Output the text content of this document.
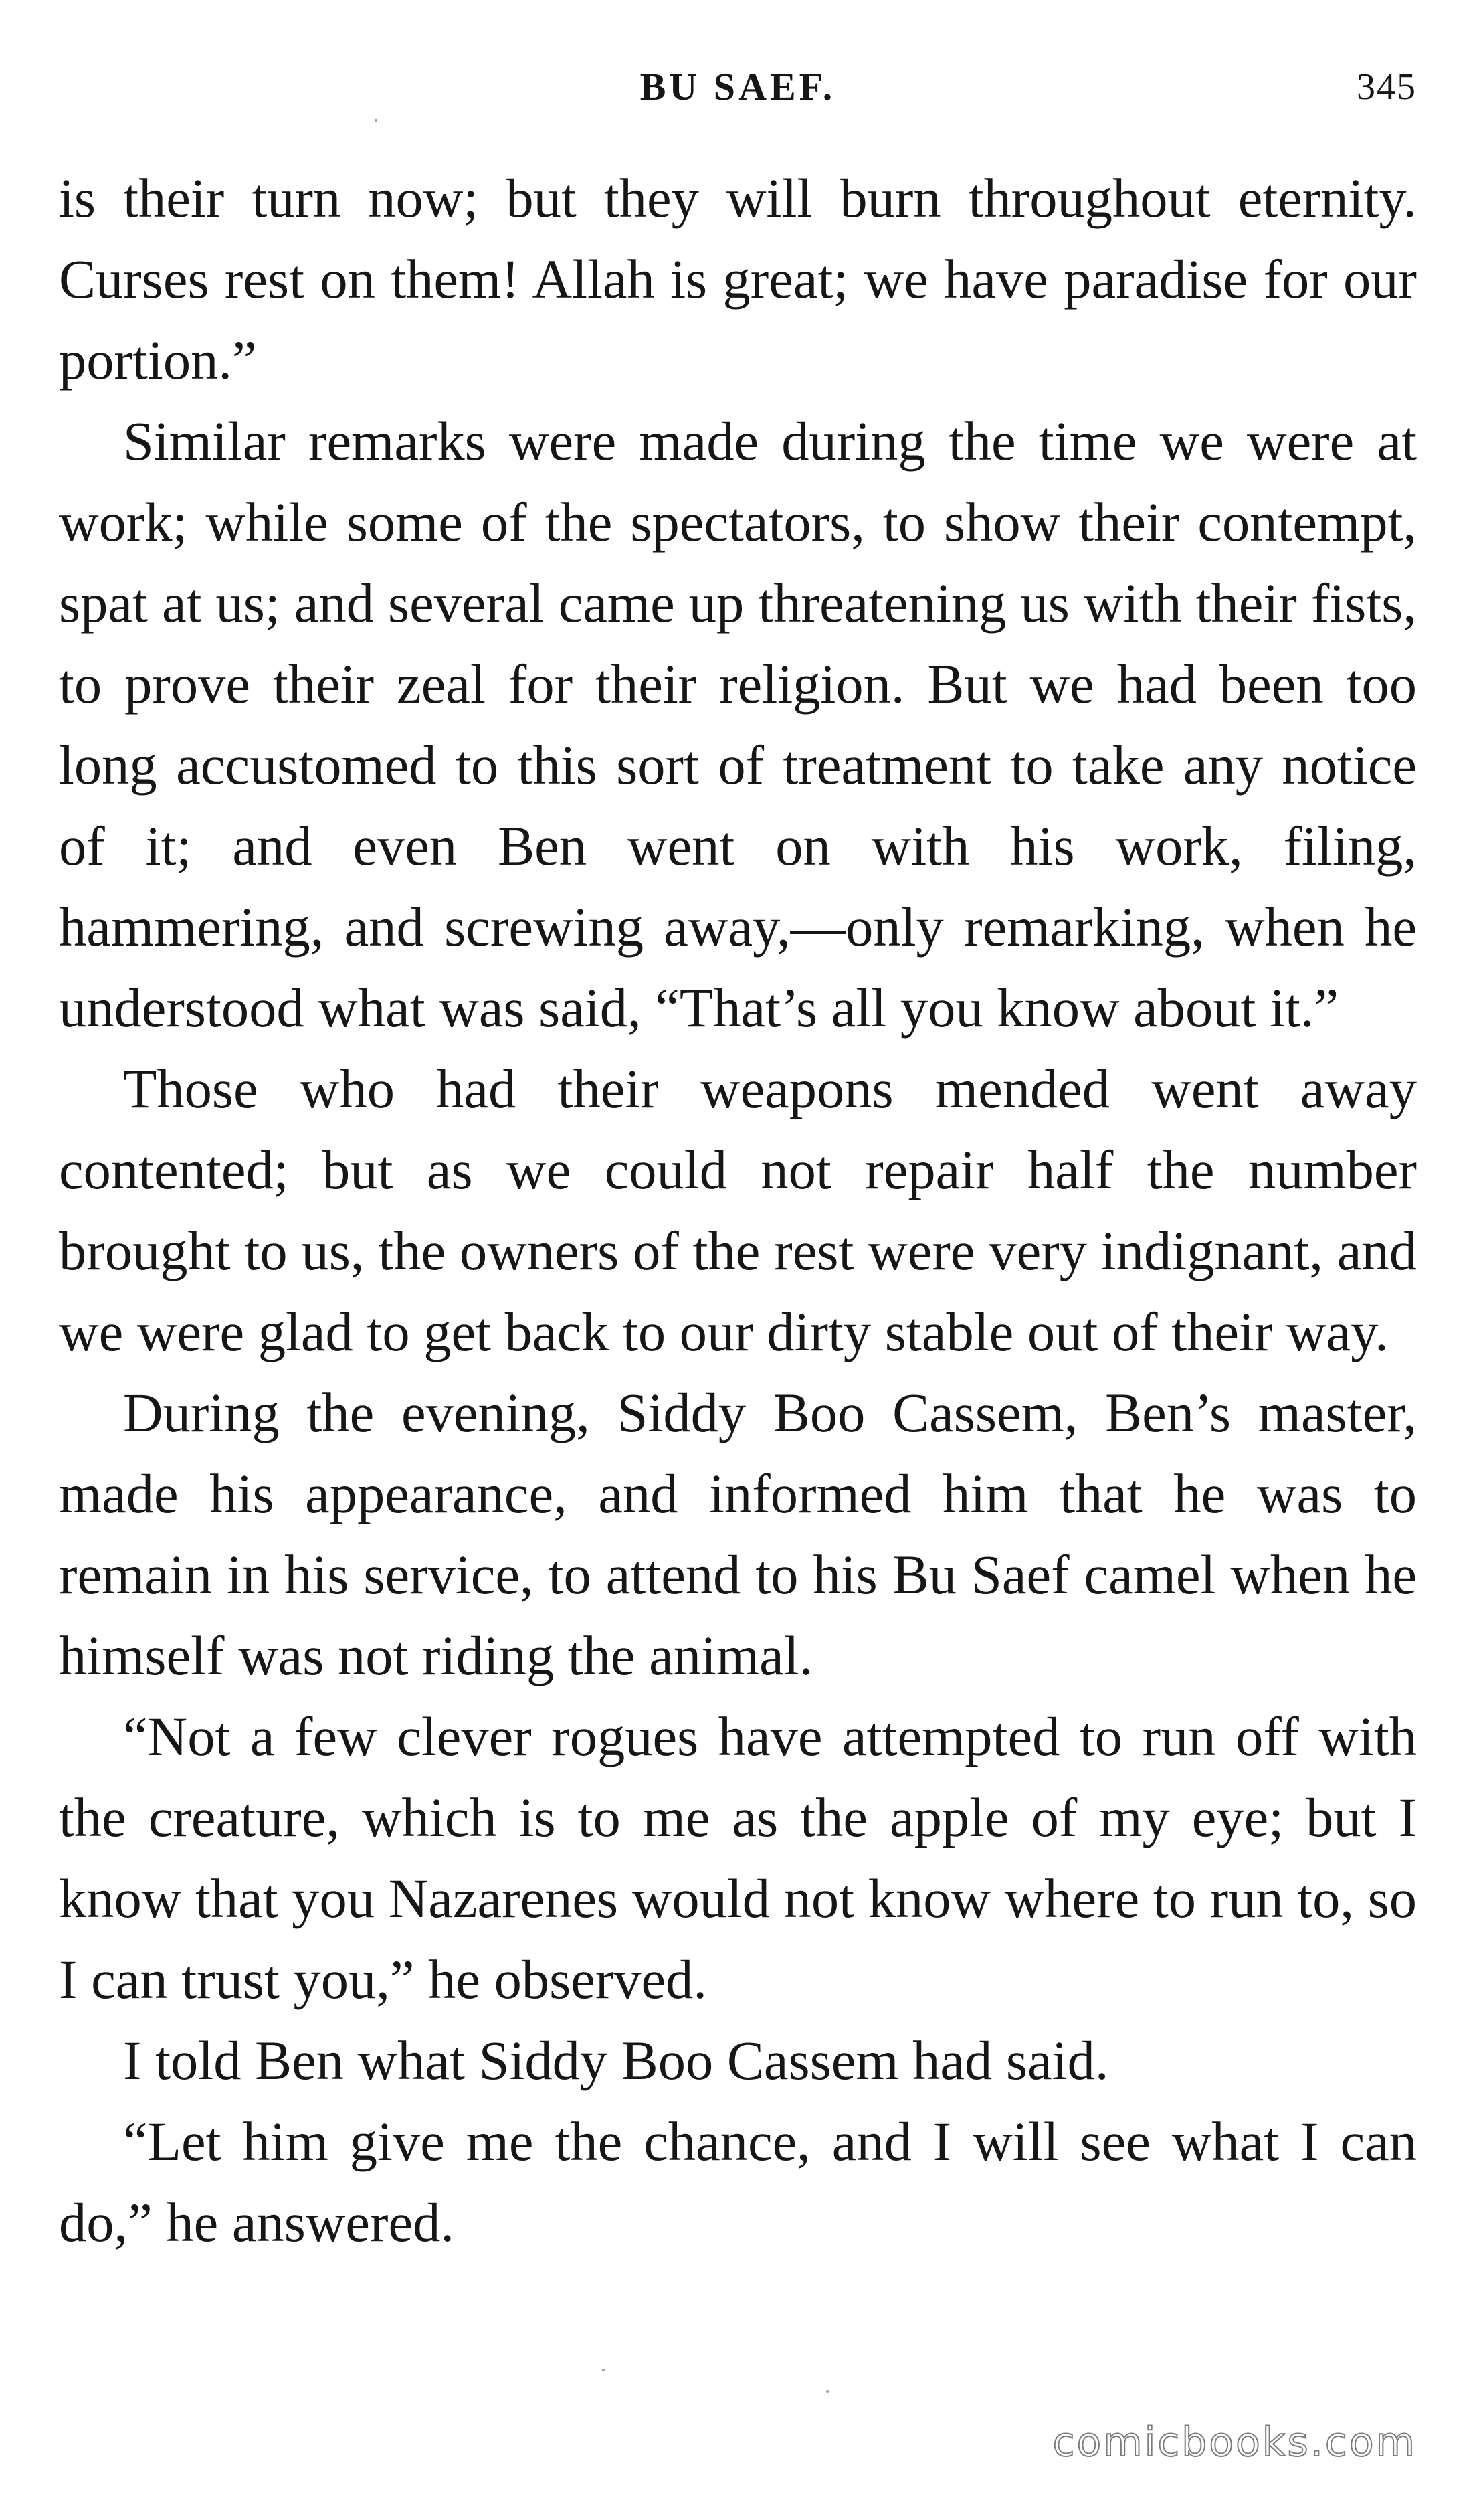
BU SAEF.	345

is their turn now; but they will burn throughout eternity. Curses rest on them! Allah is great; we have paradise for our portion.”

Similar remarks were made during the time we were at work; while some of the spectators, to show their contempt, spat at us; and several came up threatening us with their fists, to prove their zeal for their religion. But we had been too long accustomed to this sort of treatment to take any notice of it; and even Ben went on with his work, filing, hammering, and screwing away,—only remarking, when he understood what was said, “That’s all you know about it.”

Those who had their weapons mended went away contented; but as we could not repair half the number brought to us, the owners of the rest were very indignant, and we were glad to get back to our dirty stable out of their way.

During the evening, Siddy Boo Cassem, Ben’s master, made his appearance, and informed him that he was to remain in his service, to attend to his Bu Saef camel when he himself was not riding the animal.

“Not a few clever rogues have attempted to run off with the creature, which is to me as the apple of my eye; but I know that you Nazarenes would not know where to run to, so I can trust you,” he observed.

I told Ben what Siddy Boo Cassem had said.

“Let him give me the chance, and I will see what I can do,” he answered.

comicbooks.com
